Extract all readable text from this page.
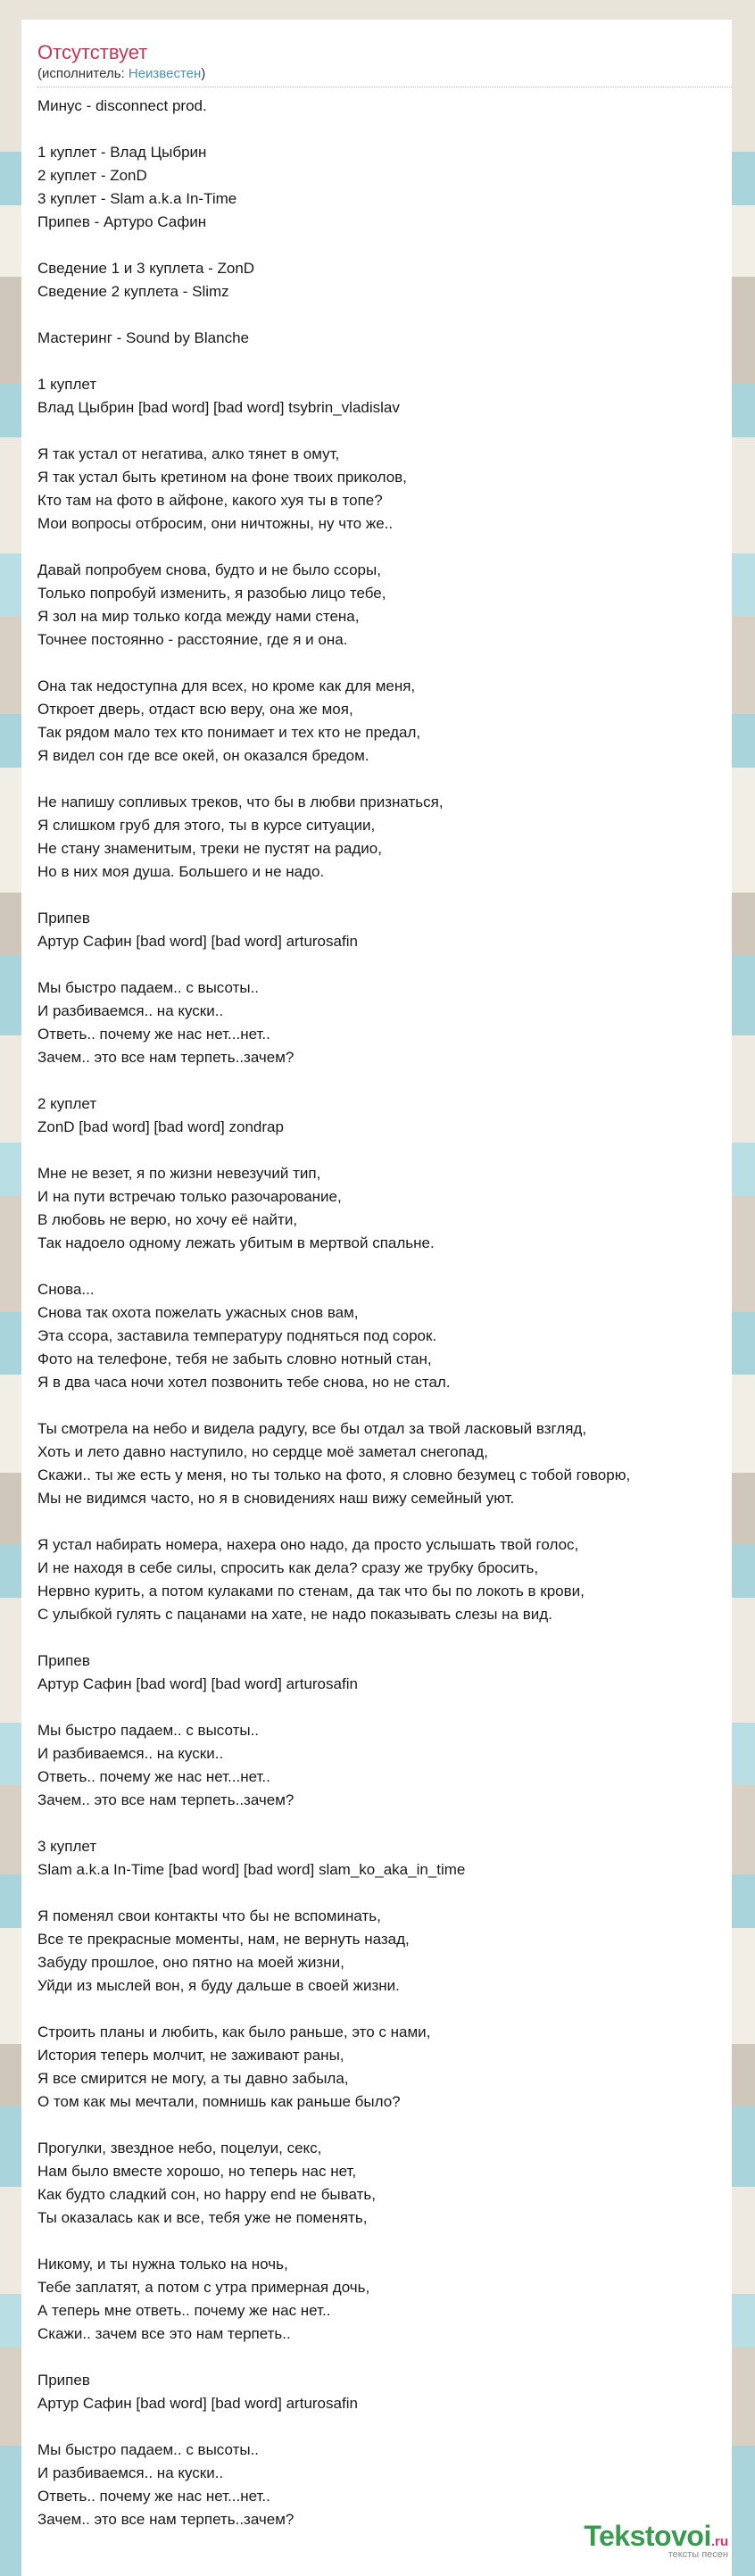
Отсутствует
(исполнитель: Неизвестен)
Минус - disconnect prod.
1 куплет - Влад Цыбрин
2 куплет - ZonD
3 куплет - Slam a.k.a In-Time
Припев - Артуро Сафин
Сведение 1 и 3 куплета - ZonD
Сведение 2 куплета - Slimz
Мастеринг - Sound by Blanche
1 куплет
Влад Цыбрин [bad word] [bad word] tsybrin_vladislav
Я так устал от негатива, алко тянет в омут,
Я так устал быть кретином на фоне твоих приколов,
Кто там на фото в айфоне, какого хуя ты в топе?
Мои вопросы отбросим, они ничтожны, ну что же..
Давай попробуем снова, будто и не было ссоры,
Только попробуй изменить, я разобью лицо тебе,
Я зол на мир только когда между нами стена,
Точнее постоянно - расстояние, где я и она.
Она так недоступна для всех, но кроме как для меня,
Откроет дверь, отдаст всю веру, она же моя,
Так рядом мало тех кто понимает и тех кто не предал,
Я видел сон где все окей, он оказался бредом.
Не напишу сопливых треков, что бы в любви признаться,
Я слишком груб для этого, ты в курсе ситуации,
Не стану знаменитым, треки не пустят на радио,
Но в них моя душа. Большего и не надо.
Припев
Артур Сафин [bad word] [bad word] arturosafin
Мы быстро падаем.. с высоты..
И разбиваемся.. на куски..
Ответь.. почему же нас нет...нет..
Зачем.. это все нам терпеть..зачем?
2 куплет
ZonD [bad word] [bad word] zondrap
Мне не везет, я по жизни невезучий тип,
И на пути встречаю только разочарование,
В любовь не верю, но хочу её найти,
Так надоело одному лежать убитым в мертвой спальне.
Снова...
Снова так охота пожелать ужасных снов вам,
Эта ссора, заставила температуру подняться под сорок.
Фото на телефоне, тебя не забыть словно нотный стан,
Я в два часа ночи хотел позвонить тебе снова, но не стал.
Ты смотрела на небо и видела радугу, все бы отдал за твой ласковый взгляд,
Хоть и лето давно наступило, но сердце моё заметал снегопад,
Скажи.. ты же есть у меня, но ты только на фото, я словно безумец с тобой говорю,
Мы не видимся часто, но я в сновидениях наш вижу семейный уют.
Я устал набирать номера, нахера оно надо, да просто услышать твой голос,
И не находя в себе силы, спросить как дела? сразу же трубку бросить,
Нервно курить, а потом кулаками по стенам, да так что бы по локоть в крови,
С улыбкой гулять с пацанами на хате, не надо показывать слезы на вид.
Припев
Артур Сафин [bad word] [bad word] arturosafin
Мы быстро падаем.. с высоты..
И разбиваемся.. на куски..
Ответь.. почему же нас нет...нет..
Зачем.. это все нам терпеть..зачем?
3 куплет
Slam a.k.a In-Time [bad word] [bad word] slam_ko_aka_in_time
Я поменял свои контакты что бы не вспоминать,
Все те прекрасные моменты, нам, не вернуть назад,
Забуду прошлое, оно пятно на моей жизни,
Уйди из мыслей вон, я буду дальше в своей жизни.
Строить планы и любить, как было раньше, это с нами,
История теперь молчит, не заживают раны,
Я все смирится не могу, а ты давно забыла,
О том как мы мечтали, помнишь как раньше было?
Прогулки, звездное небо, поцелуи, секс,
Нам было вместе хорошо, но теперь нас нет,
Как будто сладкий сон, но happy end не бывать,
Ты оказалась как и все, тебя уже не поменять,
Никому, и ты нужна только на ночь,
Тебе заплатят, а потом с утра примерная дочь,
А теперь мне ответь.. почему же нас нет..
Скажи.. зачем все это нам терпеть..
Припев
Артур Сафин [bad word] [bad word] arturosafin
Мы быстро падаем.. с высоты..
И разбиваемся.. на куски..
Ответь.. почему же нас нет...нет..
Зачем.. это все нам терпеть..зачем?
Tekstovoi.ru
тексты песен
